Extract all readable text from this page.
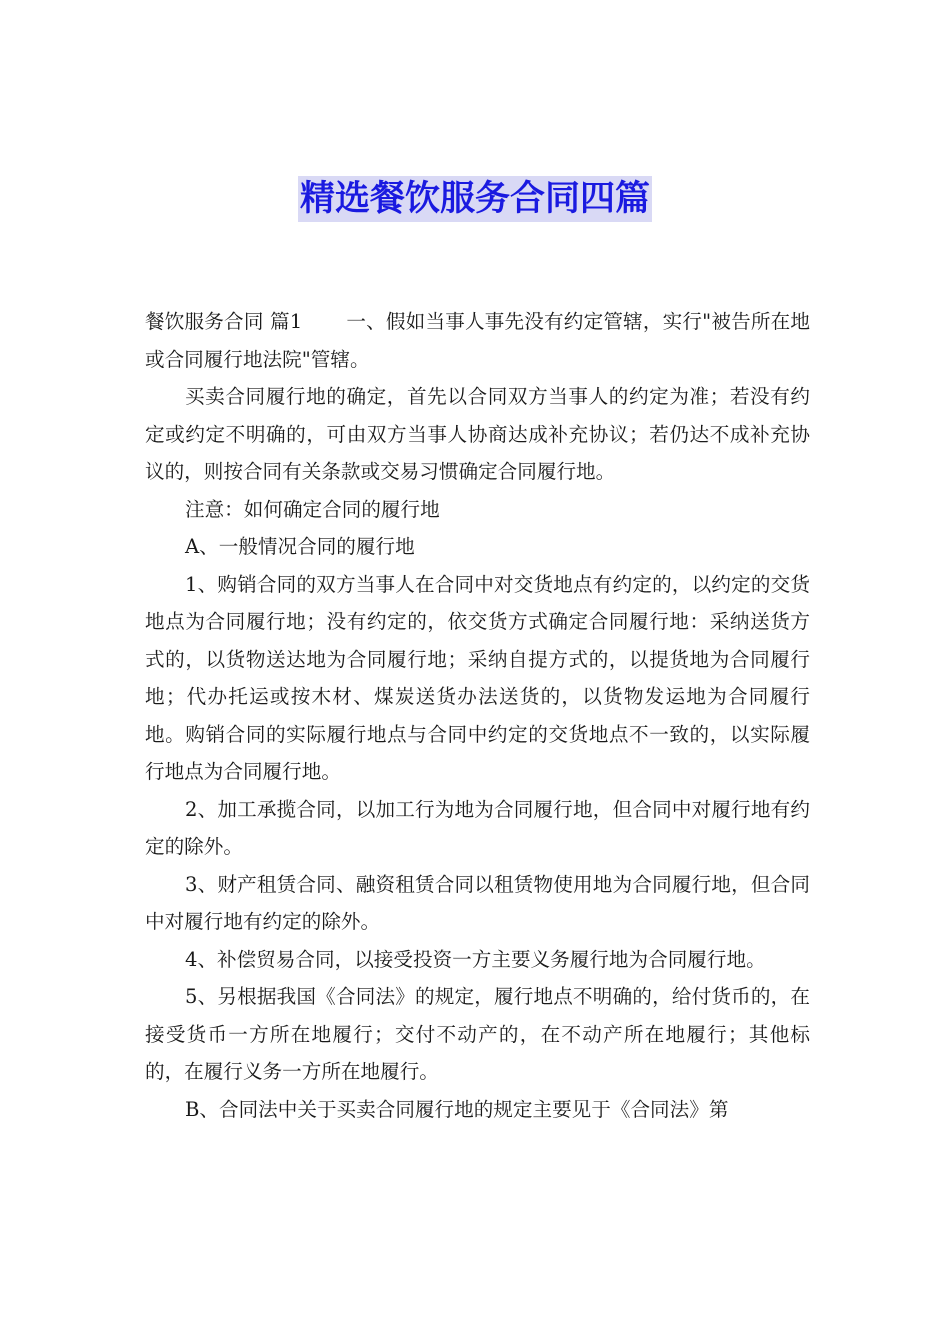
精选餐饮服务合同四篇

餐饮服务合同 篇1 一、假如当事人事先没有约定管辖，实行"被告所在地或合同履行地法院"管辖。

买卖合同履行地的确定，首先以合同双方当事人的约定为准；若没有约定或约定不明确的，可由双方当事人协商达成补充协议；若仍达不成补充协议的，则按合同有关条款或交易习惯确定合同履行地。

注意：如何确定合同的履行地

A、一般情况合同的履行地

1、购销合同的双方当事人在合同中对交货地点有约定的，以约定的交货地点为合同履行地；没有约定的，依交货方式确定合同履行地：采纳送货方式的，以货物送达地为合同履行地；采纳自提方式的，以提货地为合同履行地；代办托运或按木材、煤炭送货办法送货的，以货物发运地为合同履行地。购销合同的实际履行地点与合同中约定的交货地点不一致的，以实际履行地点为合同履行地。

2、加工承揽合同，以加工行为地为合同履行地，但合同中对履行地有约定的除外。

3、财产租赁合同、融资租赁合同以租赁物使用地为合同履行地，但合同中对履行地有约定的除外。

4、补偿贸易合同，以接受投资一方主要义务履行地为合同履行地。

5、另根据我国《合同法》的规定，履行地点不明确的，给付货币的，在接受货币一方所在地履行；交付不动产的，在不动产所在地履行；其他标的，在履行义务一方所在地履行。

B、合同法中关于买卖合同履行地的规定主要见于《合同法》第
